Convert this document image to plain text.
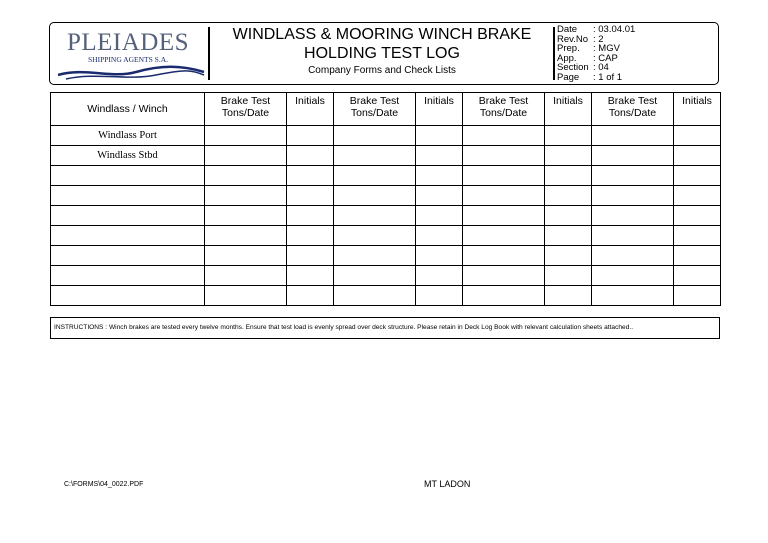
PLEIADES
SHIPPING AGENTS S.A.
WINDLASS & MOORING WINCH BRAKE
HOLDING TEST LOG
Company Forms and Check Lists
Date : 03.04.01
Rev.No : 2
Prep. : MGV
App. : CAP
Section : 04
Page : 1 of 1
Windlass / Winch	Brake Test Tons/Date	Initials	Brake Test Tons/Date	Initials	Brake Test Tons/Date	Initials	Brake Test Tons/Date	Initials
Windlass Port								
Windlass Stbd								

INSTRUCTIONS : Winch brakes are tested every twelve months. Ensure that test load is evenly spread over deck structure. Please retain in Deck Log Book with relevant calculation sheets attached..
C:\FORMS\04_0022.PDF	MT LADON
